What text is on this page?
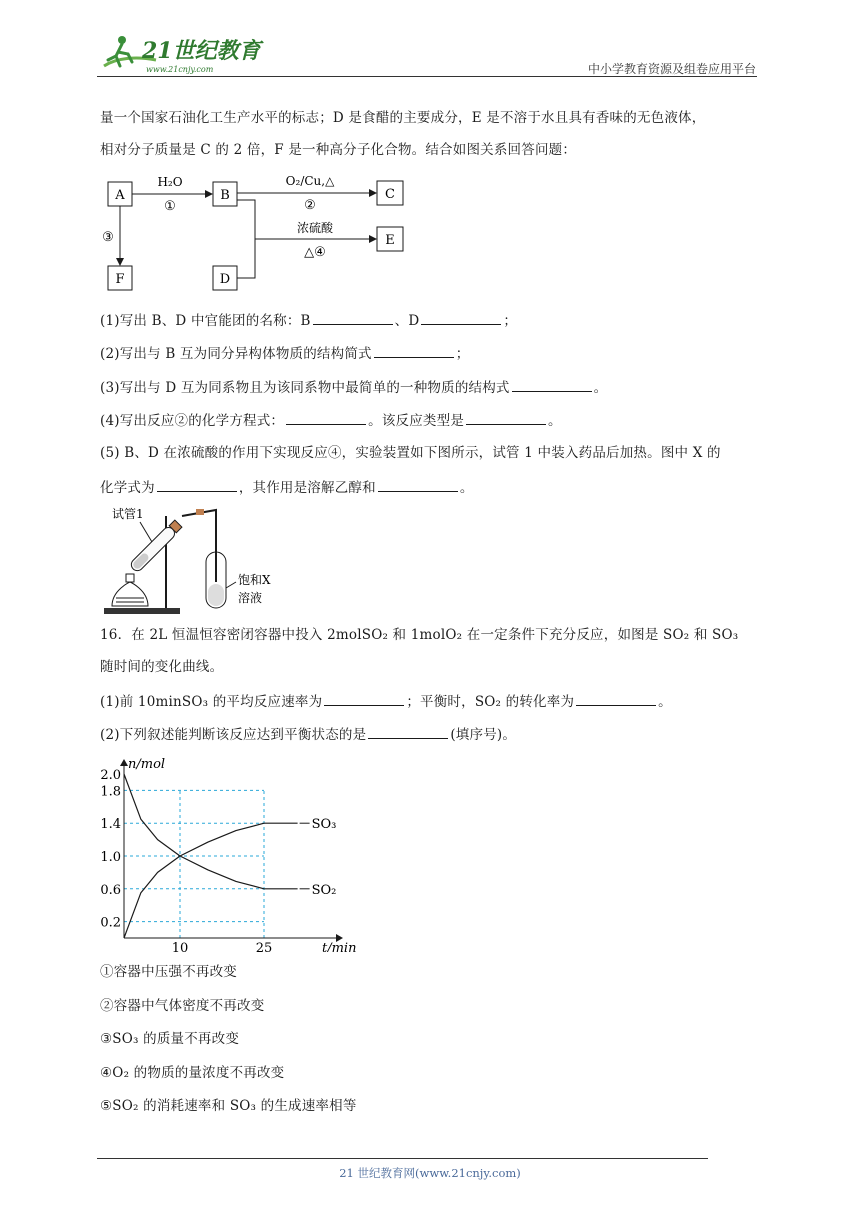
21世纪教育
www.21cnjy.com	中小学教育资源及组卷应用平台
量一个国家石油化工生产水平的标志；D 是食醋的主要成分，E 是不溶于水且具有香味的无色液体，
相对分子质量是 C 的 2 倍，F 是一种高分子化合物。结合如图关系回答问题：
A	B	C
D
E
F
H₂O
①
O₂/Cu,△
②
浓硫酸
△④
③
(1)写出 B、D 中官能团的名称：B	、D	；
(2)写出与 B 互为同分异构体物质的结构简式	；
(3)写出与 D 互为同系物且为该同系物中最简单的一种物质的结构式	。
(4)写出反应②的化学方程式：	。该反应类型是	。
(5) B、D 在浓硫酸的作用下实现反应④，实验装置如下图所示，试管 1 中装入药品后加热。图中 X 的
化学式为	，其作用是溶解乙醇和	。
试管1
饱和X
溶液
16．在 2L 恒温恒容密闭容器中投入 2molSO₂ 和 1molO₂ 在一定条件下充分反应，如图是 SO₂ 和 SO₃
随时间的变化曲线。
(1)前 10minSO₃ 的平均反应速率为	；平衡时，SO₂ 的转化率为	。
(2)下列叙述能判断该反应达到平衡状态的是	(填序号)。
0.2
0.6
1.0
1.4
1.8
2.0
10	25
n/mol
t/min
SO₃
SO₂
①容器中压强不再改变
②容器中气体密度不再改变
③SO₃ 的质量不再改变
④O₂ 的物质的量浓度不再改变
⑤SO₂ 的消耗速率和 SO₃ 的生成速率相等
21 世纪教育网(www.21cnjy.com)
